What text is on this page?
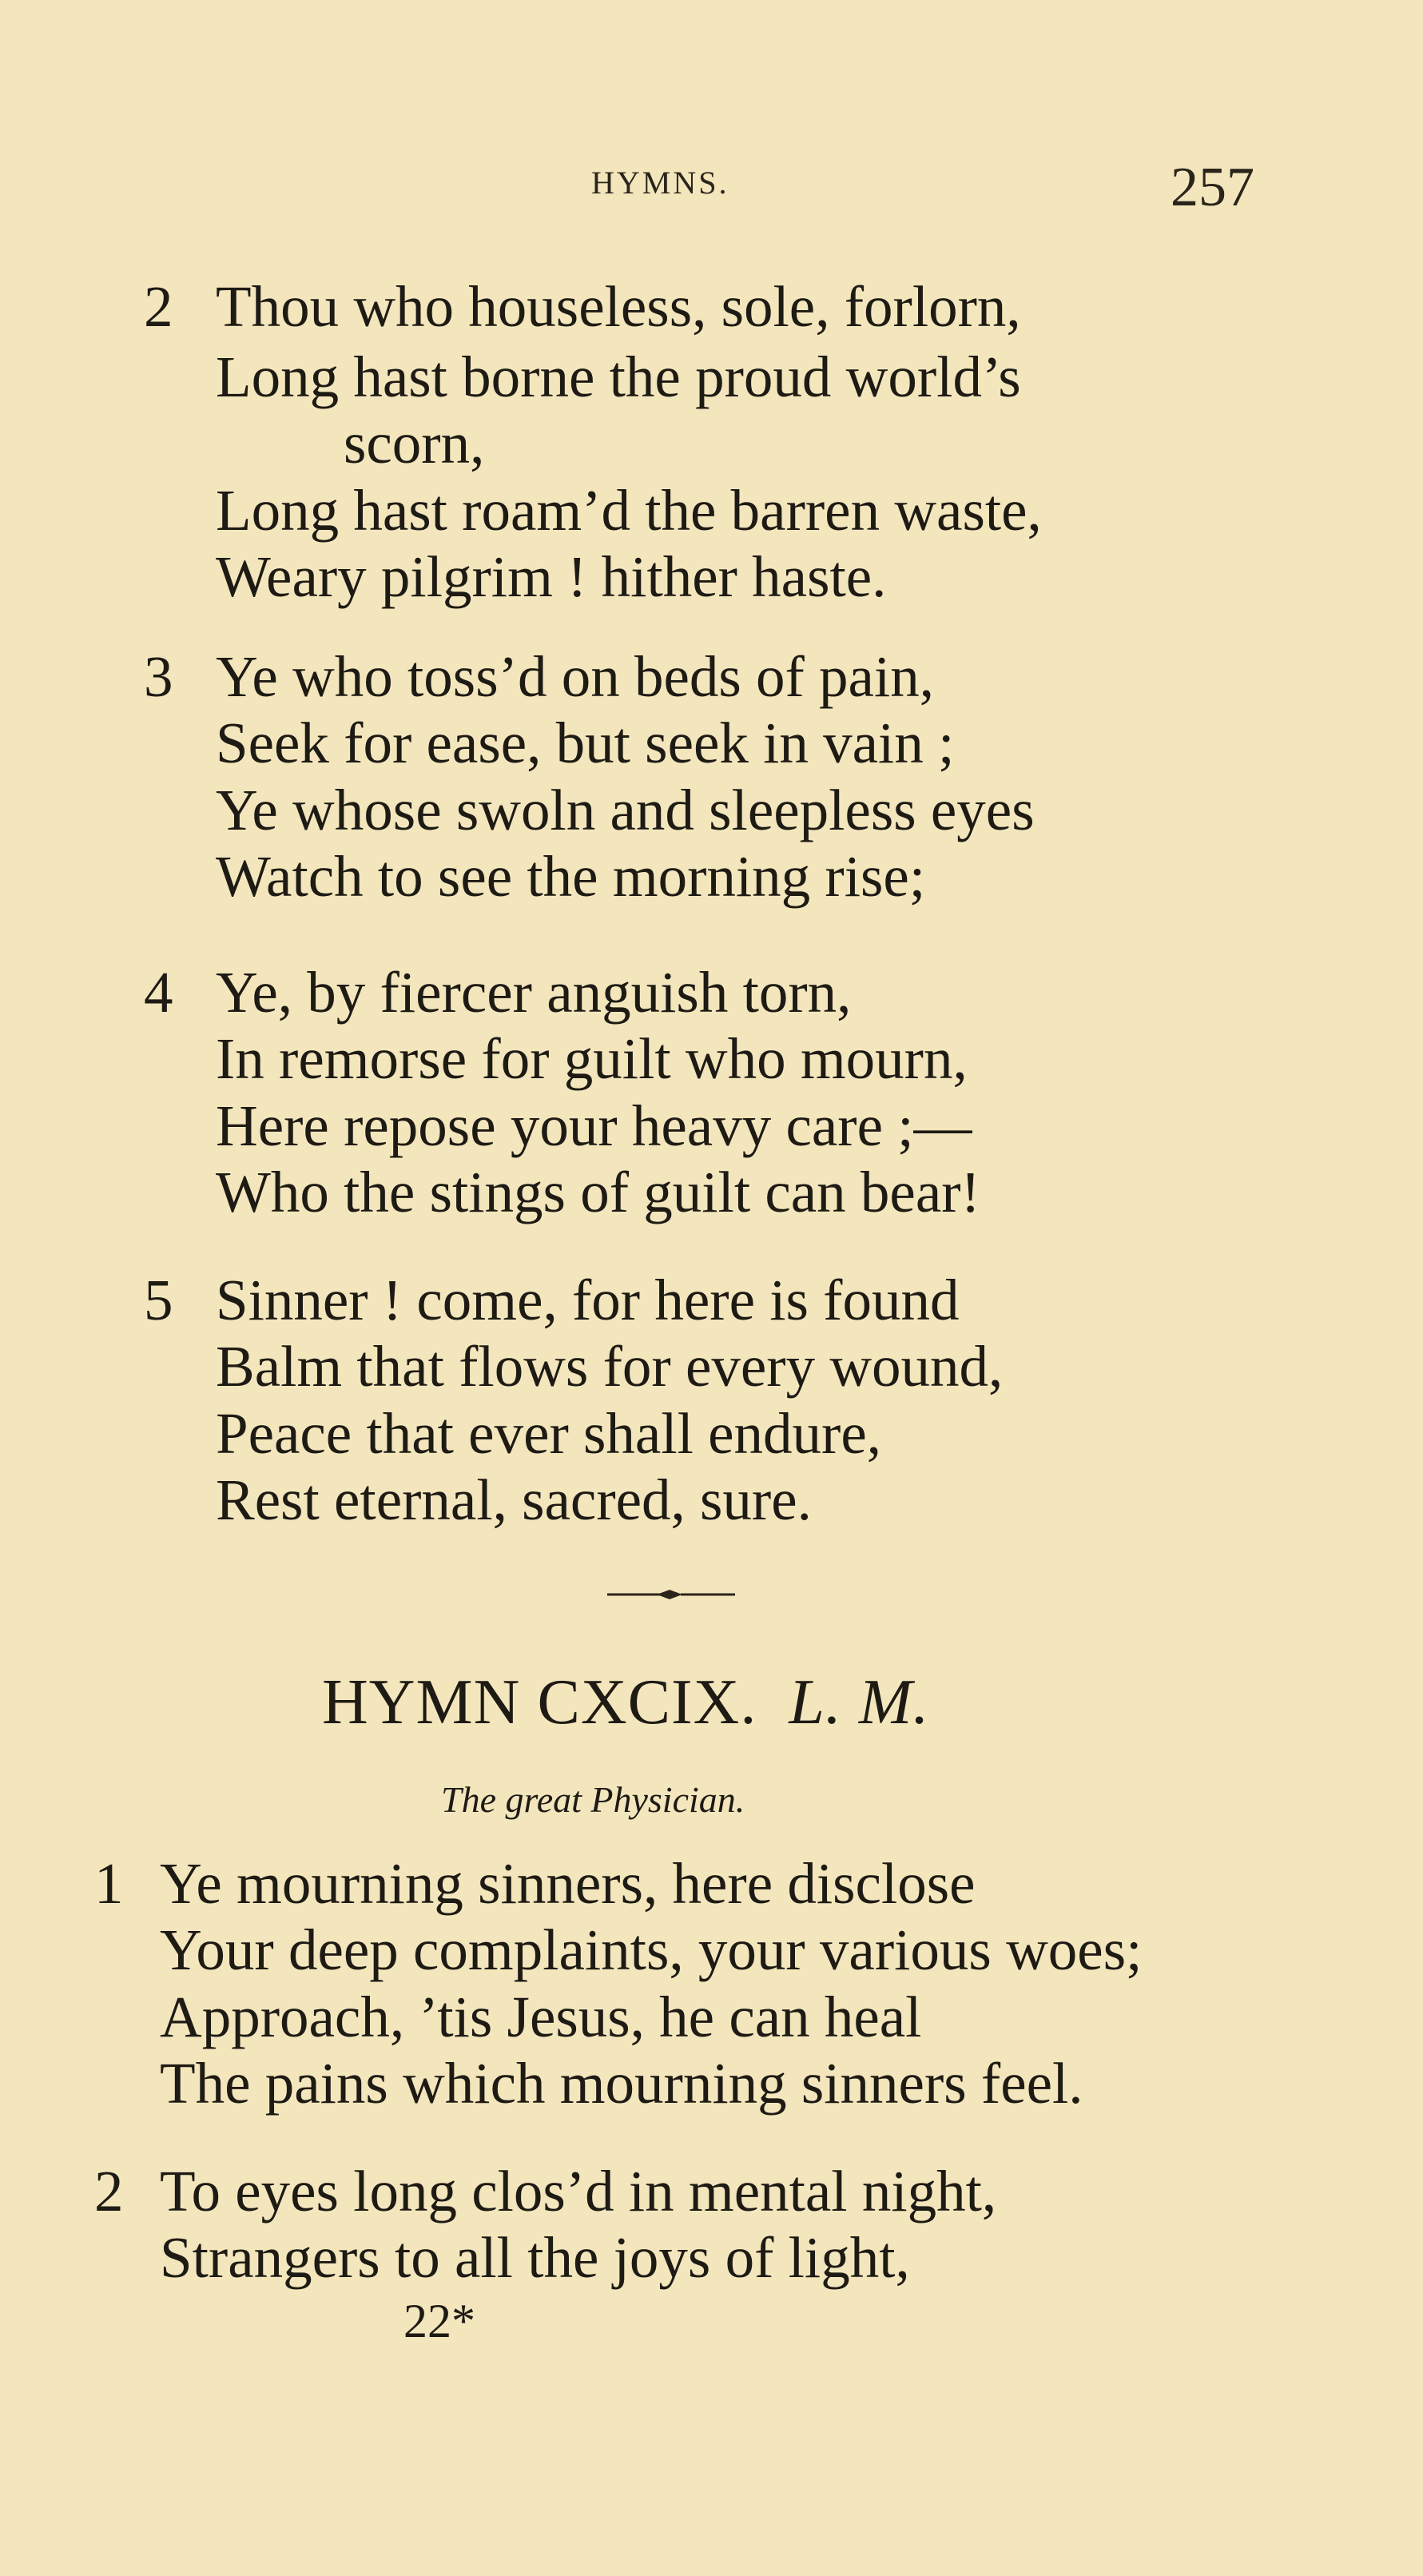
HYMNS.	257
2 Thou who houseless, sole, forlorn,
Long hast borne the proud world’s
scorn,
Long hast roam’d the barren waste,
Weary pilgrim ! hither haste.
3 Ye who toss’d on beds of pain,
Seek for ease, but seek in vain ;
Ye whose swoln and sleepless eyes
Watch to see the morning rise;
4 Ye, by fiercer anguish torn,
In remorse for guilt who mourn,
Here repose your heavy care ;—
Who the stings of guilt can bear!
5 Sinner ! come, for here is found
Balm that flows for every wound,
Peace that ever shall endure,
Rest eternal, sacred, sure.
HYMN CXCIX. L. M.
The great Physician.
1 Ye mourning sinners, here disclose
Your deep complaints, your various woes;
Approach, ’tis Jesus, he can heal
The pains which mourning sinners feel.
2 To eyes long clos’d in mental night,
Strangers to all the joys of light,
22*
